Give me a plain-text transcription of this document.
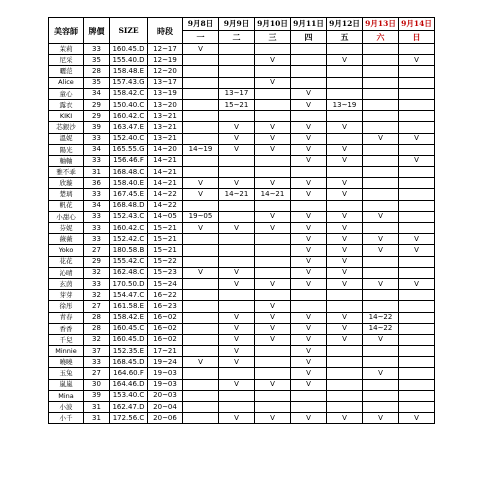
美容師	牌價	SIZE	時段	9月8日	9月9日	9月10日	9月11日	9月12日	9月13日	9月14日
				一	二	三	四	五	六	日
茉莉	33	160.45.D	12~17	V						
尼采	35	155.40.D	12~19			V		V		V
曬范	28	158.48.E	12~20							
Alice	35	157.43.G	13~17			V				
童心	34	158.42.C	13~19		13~17		V			
露衣	29	150.40.C	13~20		15~21		V	13~19		
KIKI	29	160.42.C	13~21							
芯銀沙	39	163.47.E	13~21		V	V	V	V		
溫妮	33	152.40.C	13~21		V	V	V		V	V
陽光	34	165.55.G	14~20	14~19	V	V	V	V		
軸軸	33	156.46.F	14~21				V	V		V
雅不乖	31	168.48.C	14~21							
欣璇	36	158.40.E	14~21	V	V	V	V	V		
楚璃	33	167.45.E	14~22	V	14~21	14~21	V	V		
帆花	34	168.48.D	14~22							
小甜心	33	152.43.C	14~05	19~05		V	V	V	V	
芬妮	33	160.42.C	15~21	V	V	V	V	V		
薇薇	33	152.42.C	15~21				V	V	V	V
Yoko	27	180.58.B	15~21				V	V	V	V
花花	29	155.42.C	15~22				V	V		
沁晴	32	162.48.C	15~23	V	V		V	V		
玄茵	33	170.50.D	15~24		V	V	V	V	V	V
芽芽	32	154.47.C	16~22							
徐彤	27	161.58.E	16~23			V				
青春	28	158.42.E	16~02		V	V	V	V	14~22	
香香	28	160.45.C	16~02		V	V	V	V	14~22	
千兒	32	160.45.D	16~02		V	V	V	V	V	
Minnie	37	152.35.E	17~21		V		V			
曉曉	33	168.45.D	19~24	V	V		V			
玉兔	27	164.60.F	19~03				V		V	
嵐嵐	30	164.46.D	19~03		V	V	V			
Mina	39	153.40.C	20~03							
小波	31	162.47.D	20~04							
小千	31	172.56.C	20~06		V	V	V	V	V	V
